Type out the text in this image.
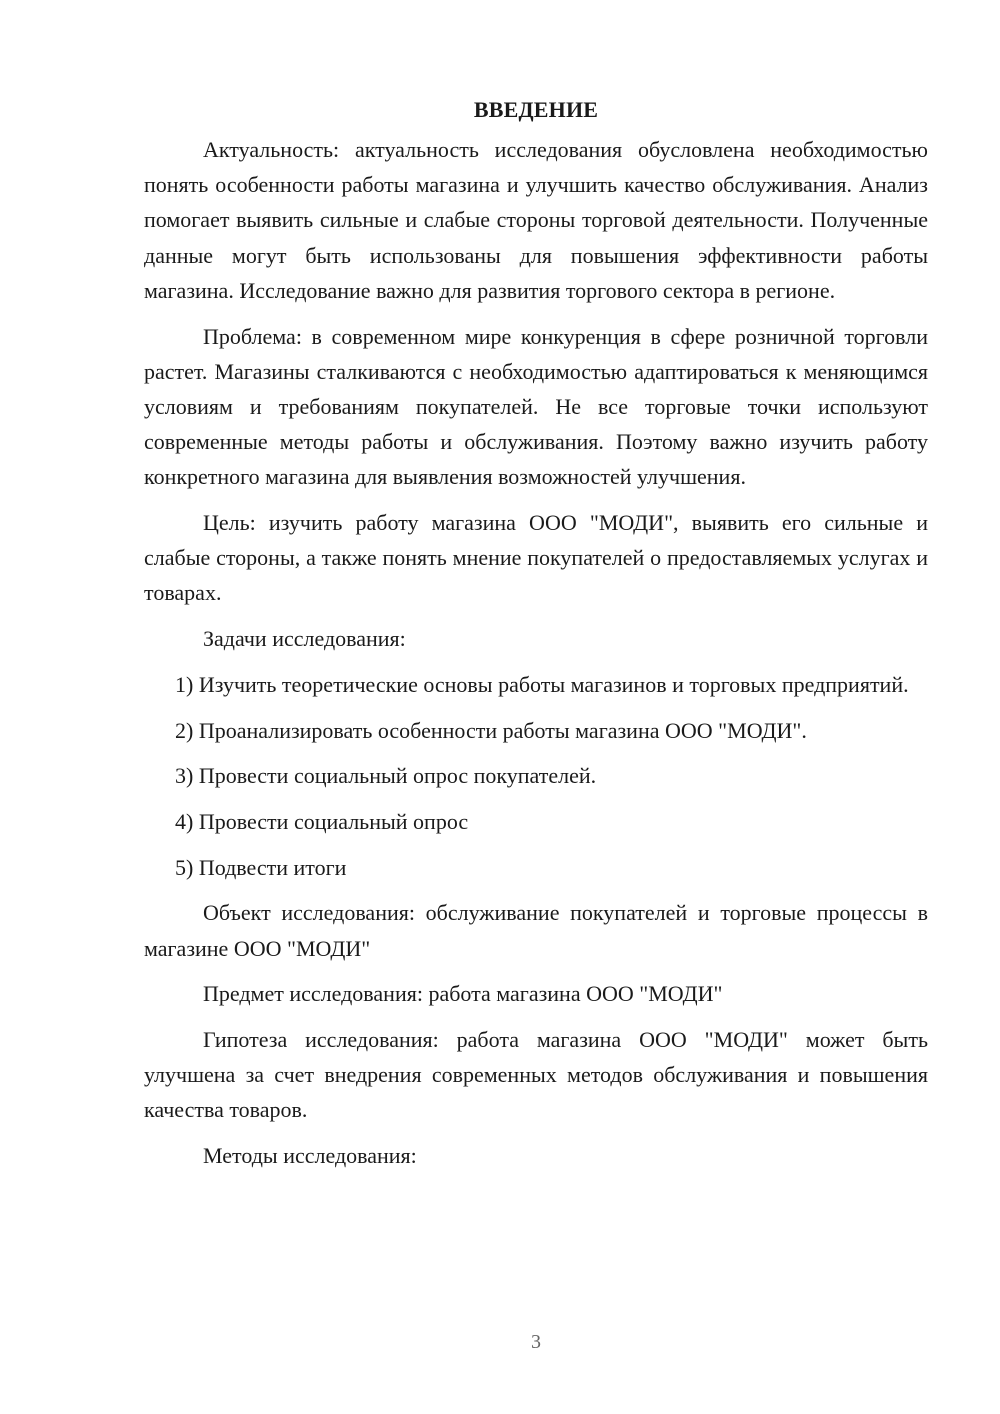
ВВЕДЕНИЕ

Актуальность: актуальность исследования обусловлена необходимостью понять особенности работы магазина и улучшить качество обслуживания. Анализ помогает выявить сильные и слабые стороны торговой деятельности. Полученные данные могут быть использованы для повышения эффективности работы магазина. Исследование важно для развития торгового сектора в регионе.

Проблема: в современном мире конкуренция в сфере розничной торговли растет. Магазины сталкиваются с необходимостью адаптироваться к меняющимся условиям и требованиям покупателей. Не все торговые точки используют современные методы работы и обслуживания. Поэтому важно изучить работу конкретного магазина для выявления возможностей улучшения.

Цель: изучить работу магазина ООО "МОДИ", выявить его сильные и слабые стороны, а также понять мнение покупателей о предоставляемых услугах и товарах.

Задачи исследования:

1) Изучить теоретические основы работы магазинов и торговых предприятий.

2) Проанализировать особенности работы магазина ООО "МОДИ".

3) Провести социальный опрос покупателей.

4) Провести социальный опрос

5) Подвести итоги

Объект исследования: обслуживание покупателей и торговые процессы в магазине ООО "МОДИ"

Предмет исследования: работа магазина ООО "МОДИ"

Гипотеза исследования: работа магазина ООО "МОДИ" может быть улучшена за счет внедрения современных методов обслуживания и повышения качества товаров.

Методы исследования:

3
